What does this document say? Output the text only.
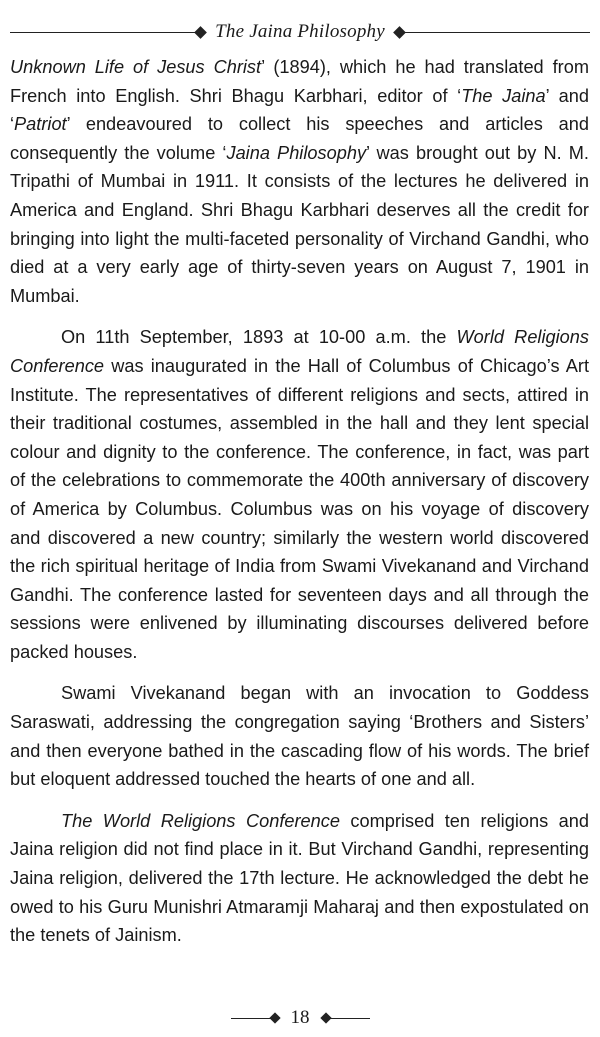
The Jaina Philosophy

Unknown Life of Jesus Christ’ (1894), which he had translated from French into English. Shri Bhagu Karbhari, editor of ‘The Jaina’ and ‘Patriot’ endeavoured to collect his speeches and articles and consequently the volume ‘Jaina Philosophy’ was brought out by N. M. Tripathi of Mumbai in 1911. It consists of the lectures he delivered in America and England. Shri Bhagu Karbhari deserves all the credit for bringing into light the multi-faceted personality of Virchand Gandhi, who died at a very early age of thirty-seven years on August 7, 1901 in Mumbai.

On 11th September, 1893 at 10-00 a.m. the World Religions Conference was inaugurated in the Hall of Columbus of Chicago’s Art Institute. The representatives of different religions and sects, attired in their traditional costumes, assembled in the hall and they lent special colour and dignity to the conference. The conference, in fact, was part of the celebrations to commemorate the 400th anniversary of discovery of America by Columbus. Columbus was on his voyage of discovery and discovered a new country; similarly the western world discovered the rich spiritual heritage of India from Swami Vivekanand and Virchand Gandhi. The conference lasted for seventeen days and all through the sessions were enlivened by illuminating discourses delivered before packed houses.

Swami Vivekanand began with an invocation to Goddess Saraswati, addressing the congregation saying ‘Brothers and Sisters’ and then everyone bathed in the cascading flow of his words. The brief but eloquent addressed touched the hearts of one and all.

The World Religions Conference comprised ten religions and Jaina religion did not find place in it. But Virchand Gandhi, representing Jaina religion, delivered the 17th lecture. He acknowledged the debt he owed to his Guru Munishri Atmaramji Maharaj and then expostulated on the tenets of Jainism.

18
